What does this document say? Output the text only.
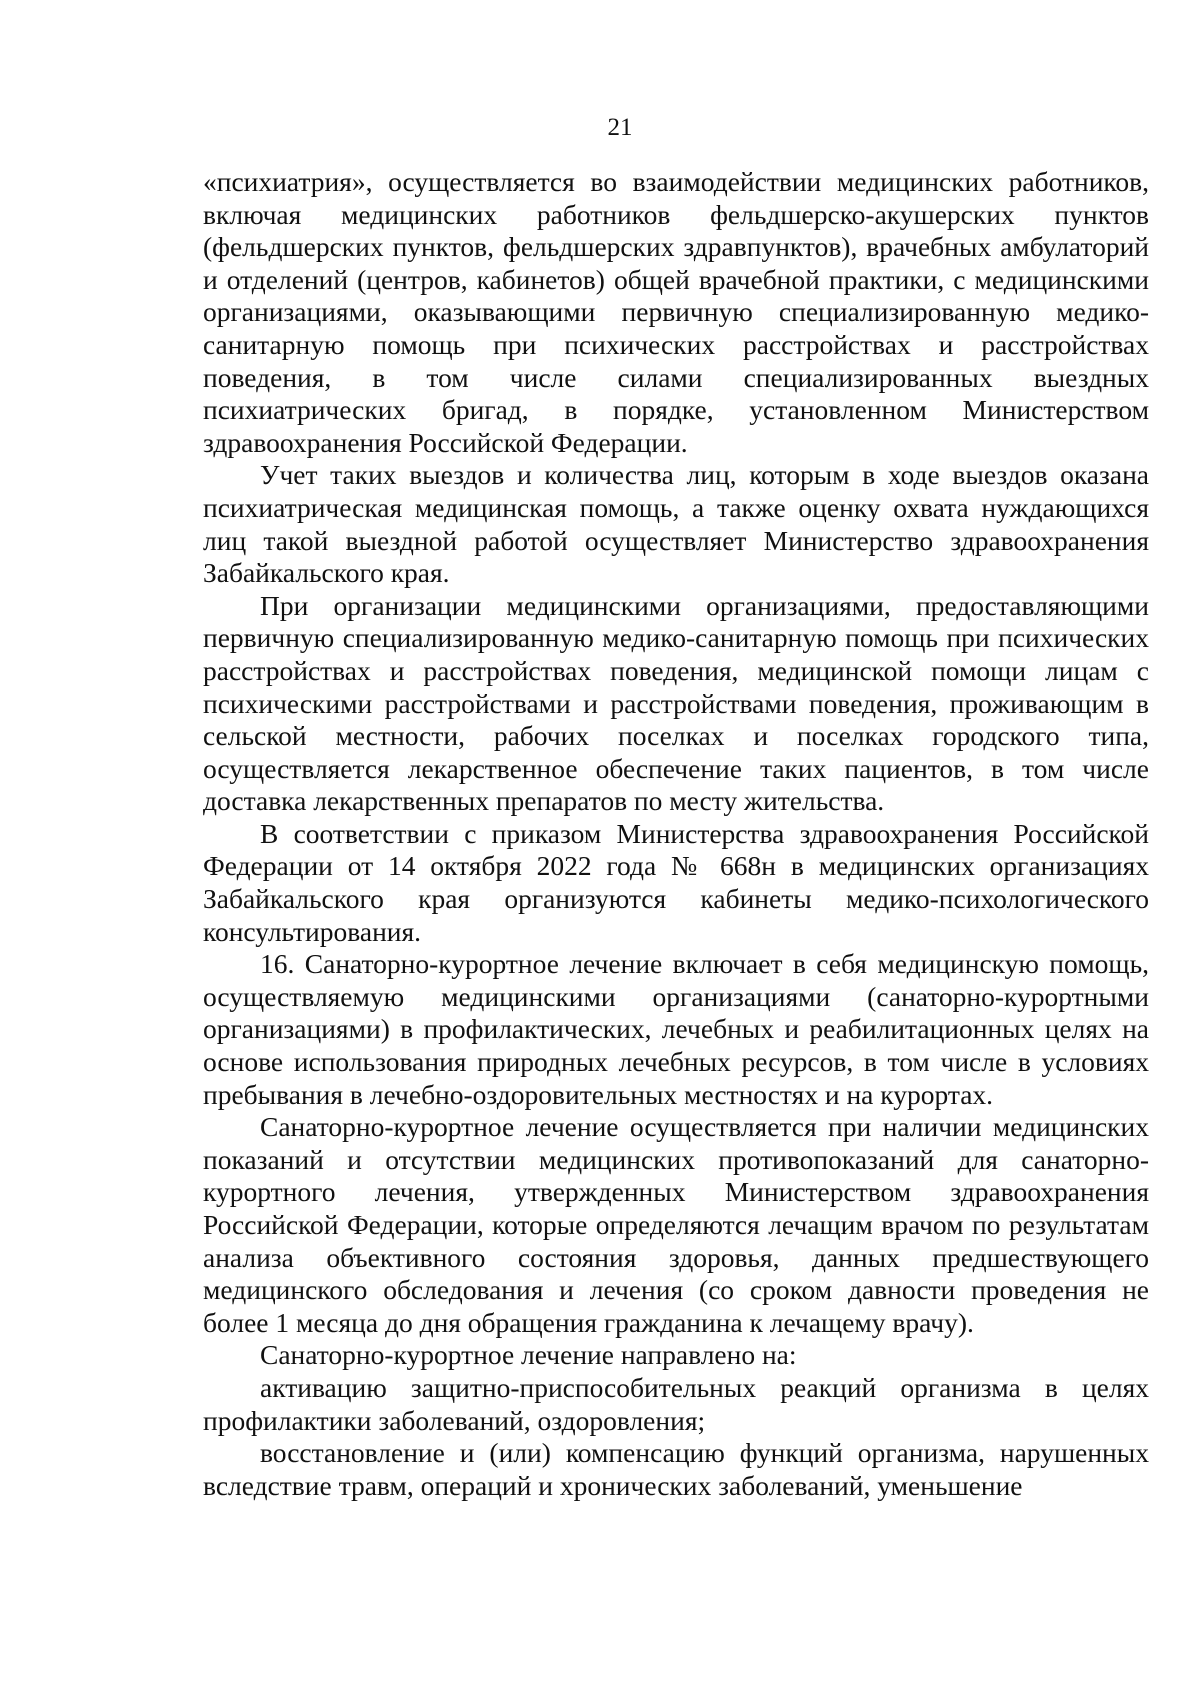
21

«психиатрия», осуществляется во взаимодействии медицинских работников, включая медицинских работников фельдшерско-акушерских пунктов (фельдшерских пунктов, фельдшерских здравпунктов), врачебных амбулаторий и отделений (центров, кабинетов) общей врачебной практики, с медицинскими организациями, оказывающими первичную специализированную медико-санитарную помощь при психических расстройствах и расстройствах поведения, в том числе силами специализированных выездных психиатрических бригад, в порядке, установленном Министерством здравоохранения Российской Федерации.

Учет таких выездов и количества лиц, которым в ходе выездов оказана психиатрическая медицинская помощь, а также оценку охвата нуждающихся лиц такой выездной работой осуществляет Министерство здравоохранения Забайкальского края.

При организации медицинскими организациями, предоставляющими первичную специализированную медико-санитарную помощь при психических расстройствах и расстройствах поведения, медицинской помощи лицам с психическими расстройствами и расстройствами поведения, проживающим в сельской местности, рабочих поселках и поселках городского типа, осуществляется лекарственное обеспечение таких пациентов, в том числе доставка лекарственных препаратов по месту жительства.

В соответствии с приказом Министерства здравоохранения Российской Федерации от 14 октября 2022 года № 668н в медицинских организациях Забайкальского края организуются кабинеты медико-психологического консультирования.

16. Санаторно-курортное лечение включает в себя медицинскую помощь, осуществляемую медицинскими организациями (санаторно-курортными организациями) в профилактических, лечебных и реабилитационных целях на основе использования природных лечебных ресурсов, в том числе в условиях пребывания в лечебно-оздоровительных местностях и на курортах.

Санаторно-курортное лечение осуществляется при наличии медицинских показаний и отсутствии медицинских противопоказаний для санаторно-курортного лечения, утвержденных Министерством здравоохранения Российской Федерации, которые определяются лечащим врачом по результатам анализа объективного состояния здоровья, данных предшествующего медицинского обследования и лечения (со сроком давности проведения не более 1 месяца до дня обращения гражданина к лечащему врачу).

Санаторно-курортное лечение направлено на:

активацию защитно-приспособительных реакций организма в целях профилактики заболеваний, оздоровления;

восстановление и (или) компенсацию функций организма, нарушенных вследствие травм, операций и хронических заболеваний, уменьшение
